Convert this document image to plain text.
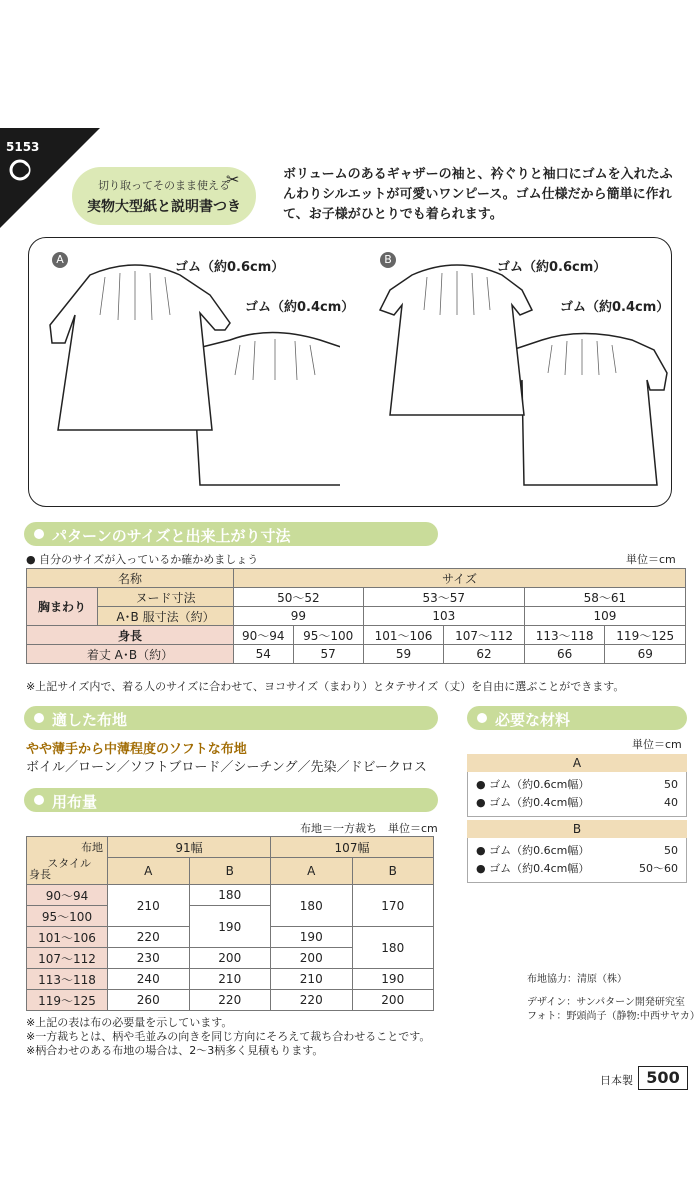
5153
切り取ってそのまま使える
実物大型紙と説明書つき
✂	ボリュームのあるギャザーの袖と、衿ぐりと袖口にゴムを入れたふ
んわりシルエットが可愛いワンピース。ゴム仕様だから簡単に作れ
て、お子様がひとりでも着られます。
A	B
ゴム（約0.6cm）
ゴム（約0.4cm）
ゴム（約0.6cm）
ゴム（約0.4cm）
パターンのサイズと出来上がり寸法
● 自分のサイズが入っているか確かめましょう	単位＝cm
名称		サイズ					
胸まわり	ヌード寸法	50〜52		53〜57		58〜61	
	A･B 服寸法（約）	99		103		109	
身長		90〜94	95〜100	101〜106	107〜112	113〜118	119〜125
着丈 A･B（約）		54	57	59	62	66	69
※上記サイズ内で、着る人のサイズに合わせて、ヨコサイズ（まわり）とタテサイズ（丈）を自由に選ぶことができます。
適した布地
やや薄手から中薄程度のソフトな布地
ボイル／ローン／ソフトブロード／シーチング／先染／ドビークロス
用布量
布地＝一方裁ち　単位＝cm
布地
スタイル
身長	91幅		107幅	
	A	B	A	B
90〜94	210	180	180	170
95〜100		190		
101〜106	220		190	180
107〜112	230	200	200	
113〜118	240	210	210	190
119〜125	260	220	220	200
※上記の表は布の必要量を示しています。
※一方裁ちとは、柄や毛並みの向きを同じ方向にそろえて裁ち合わせることです。
※柄合わせのある布地の場合は、2〜3柄多く見積もります。
必要な材料
単位＝cm
A
● ゴム（約0.6cm幅）	50
● ゴム（約0.4cm幅）	40
B
● ゴム（約0.6cm幅）	50
● ゴム（約0.4cm幅）	50〜60
布地協力：清原（株）
デザイン：サンパターン開発研究室
フォト：野頭尚子（静物:中西サヤカ）
日本製 500
